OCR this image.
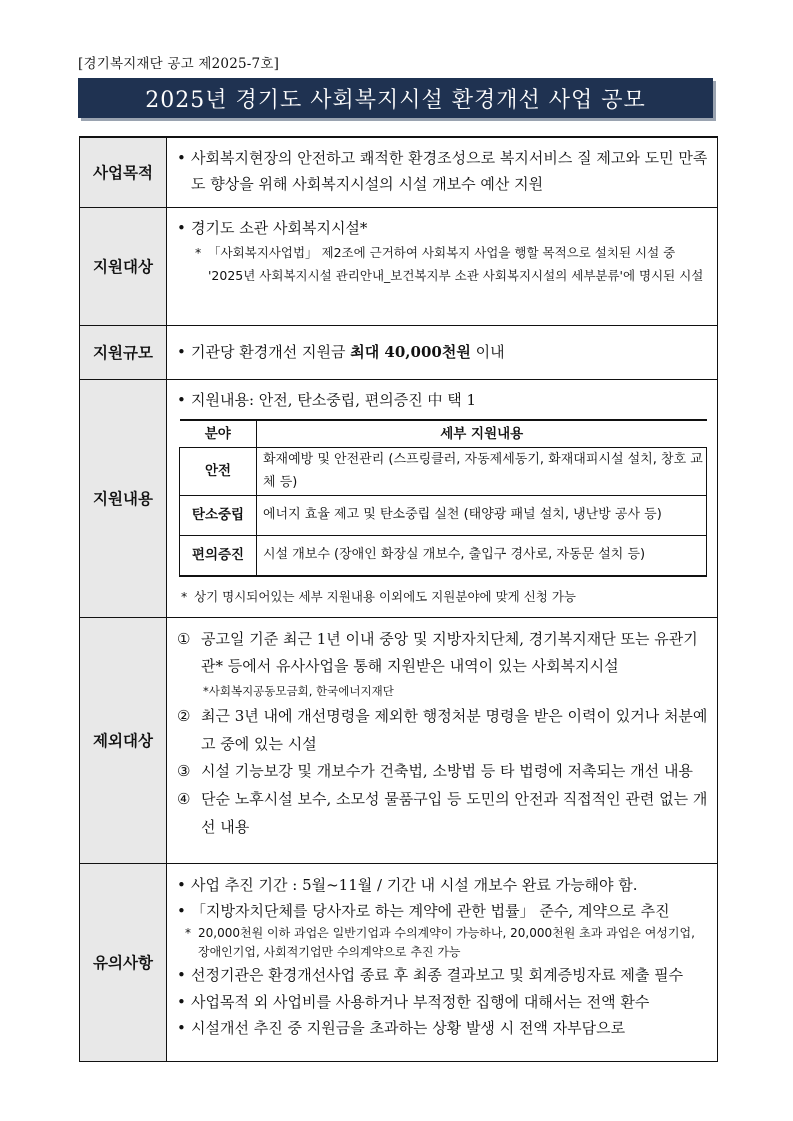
[경기복지재단 공고 제2025-7호]
2025년 경기도 사회복지시설 환경개선 사업 공모
사업목적	
• 사회복지현장의 안전하고 쾌적한 환경조성으로 복지서비스 질 제고와 도민 만족도 향상을 위해 사회복지시설의 시설 개보수 예산 지원

지원대상	
• 경기도 소관 사회복지시설*
* 「사회복지사업법」 제2조에 근거하여 사회복지 사업을 행할 목적으로 설치된 시설 중 '2025년 사회복지시설 관리안내_보건복지부 소관 사회복지시설의 세부분류'에 명시된 시설

지원규모	• 기관당 환경개선 지원금 최대 40,000천원 이내

지원내용	
• 지원내용: 안전, 탄소중립, 편의증진 中 택 1
분야	세부 지원내용
안전	화재예방 및 안전관리 (스프링클러, 자동제세동기, 화재대피시설 설치, 창호 교체 등)
탄소중립	에너지 효율 제고 및 탄소중립 실천 (태양광 패널 설치, 냉난방 공사 등)
편의증진	시설 개보수 (장애인 화장실 개보수, 출입구 경사로, 자동문 설치 등)
* 상기 명시되어있는 세부 지원내용 이외에도 지원분야에 맞게 신청 가능

제외대상	
① 공고일 기준 최근 1년 이내 중앙 및 지방자치단체, 경기복지재단 또는 유관기관* 등에서 유사사업을 통해 지원받은 내역이 있는 사회복지시설
*사회복지공동모금회, 한국에너지재단
② 최근 3년 내에 개선명령을 제외한 행정처분 명령을 받은 이력이 있거나 처분예고 중에 있는 시설
③ 시설 기능보강 및 개보수가 건축법, 소방법 등 타 법령에 저촉되는 개선 내용
④ 단순 노후시설 보수, 소모성 물품구입 등 도민의 안전과 직접적인 관련 없는 개선 내용

유의사항	
• 사업 추진 기간 : 5월~11월 / 기간 내 시설 개보수 완료 가능해야 함.
• 「지방자치단체를 당사자로 하는 계약에 관한 법률」 준수, 계약으로 추진
* 20,000천원 이하 과업은 일반기업과 수의계약이 가능하나, 20,000천원 초과 과업은 여성기업, 장애인기업, 사회적기업만 수의계약으로 추진 가능
• 선정기관은 환경개선사업 종료 후 최종 결과보고 및 회계증빙자료 제출 필수
• 사업목적 외 사업비를 사용하거나 부적정한 집행에 대해서는 전액 환수
• 시설개선 추진 중 지원금을 초과하는 상황 발생 시 전액 자부담으로
